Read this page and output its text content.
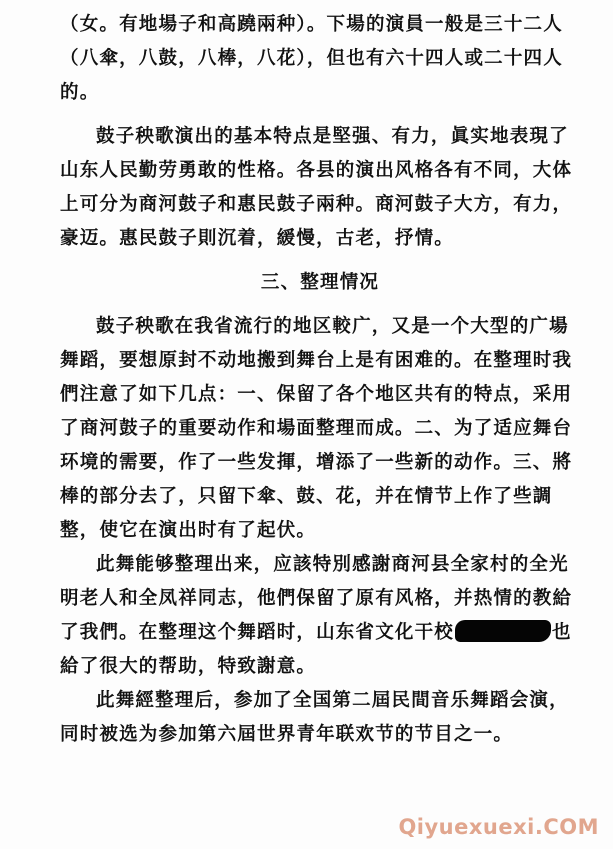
（女。有地場子和高蹺兩种）。下場的演員一般是三十二人
（八傘，八鼓，八棒，八花），但也有六十四人或二十四人
的。
鼓子秧歌演出的基本特点是堅强、有力，眞实地表現了
山东人民勤劳勇敢的性格。各县的演出风格各有不同，大体
上可分为商河鼓子和惠民鼓子兩种。商河鼓子大方，有力，
豪迈。惠民鼓子則沉着，緩慢，古老，抒情。
三、整理情况
鼓子秧歌在我省流行的地区較广，又是一个大型的广場
舞蹈，要想原封不动地搬到舞台上是有困难的。在整理时我
們注意了如下几点：一、保留了各个地区共有的特点，采用
了商河鼓子的重要动作和場面整理而成。二、为了适应舞台
环境的需要，作了一些发揮，增添了一些新的动作。三、將
棒的部分去了，只留下傘、鼓、花，并在情节上作了些調
整，使它在演出时有了起伏。
此舞能够整理出来，应該特別感謝商河县全家村的全光
明老人和全凤祥同志，他們保留了原有风格，并热情的教給
了我們。在整理这个舞蹈时，山东省文化干校	也
給了很大的帮助，特致謝意。
此舞經整理后，参加了全国第二屆民間音乐舞蹈会演，
同时被选为参加第六屆世界青年联欢节的节目之一。
Qiyuexuexi.COM
